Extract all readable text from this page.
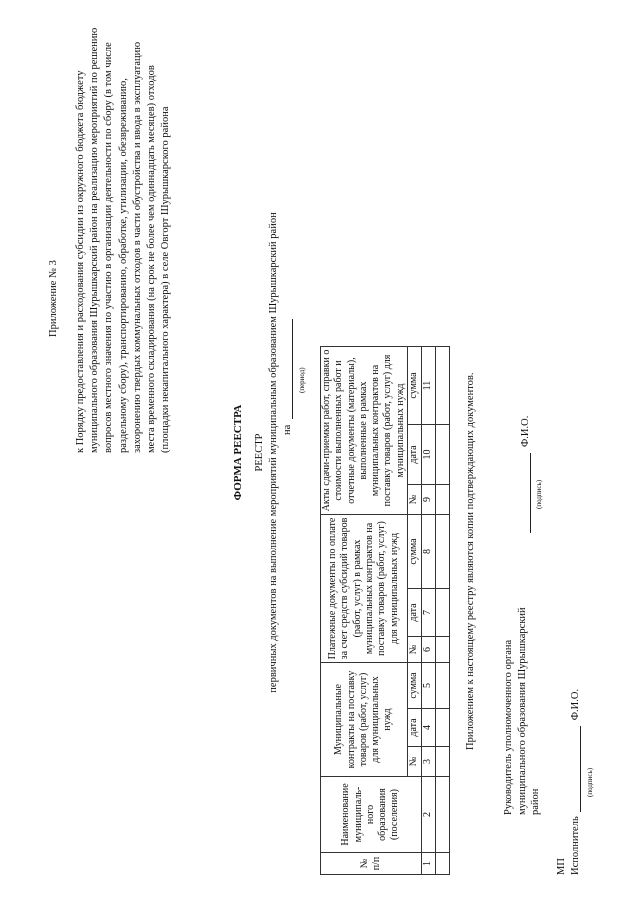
Приложение № 3 к Порядку предоставления и расходования субсидии из окружного бюджета бюджету муниципального образования Шурышкарский район на реализацию мероприятий по решению вопросов местного значения по участию в организации деятельности по сбору (в том числе раздельному сбору), транспортированию, обработке, утилизации, обезвреживанию, захоронению твердых коммунальных отходов в части обустройства и ввода в эксплуатацию места временного складирования (на срок не более чем одиннадцать месяцев) отходов (площадки некапитального характера) в селе Овгорт Шурышкарского района	ФОРМА РЕЕСТРА РЕЕСТР первичных документов на выполнение мероприятий муниципальным образованием Шурышкарский район на
(период)
№ п/п	Наименование муниципаль-ного образования (поселения)	Муниципальные контракты на поставку товаров (работ, услуг) для муниципальных нужд			Платежные документы по оплате за счет средств субсидий товаров (работ, услуг) в рамках муниципальных контрактов на поставку товаров (работ, услуг) для муниципальных нужд			Акты сдачи-приемки работ, справки о стоимости выполненных работ и отчетные документы (материалы), выполненные в рамках муниципальных контрактов на поставку товаров (работ, услуг) для муниципальных нужд		
		№	дата	сумма	№	дата	сумма	№	дата	сумма
1	2	3	4	5	6	7	8	9	10	11
											Приложением к настоящему реестру являются копии подтверждающих документов.	Руководитель уполномоченного органа муниципального образования Шурышкарский район
Ф.И.О.
(подпись)
МП ИсполнительФ.И.О.
(подпись)
